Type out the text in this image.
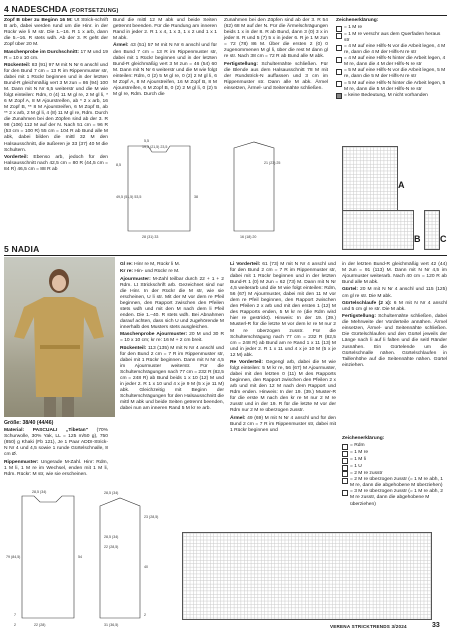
4 NADESCHDA (FORTSETZUNG)

Zopf B über zu Beginn 16 M: Ut Strick-schrift B arb, dabei werden rund um die Hinr. in der Rückr wie li M str. Die 1.–16. R 1 x arb, dann die 5.–16. R stets wdh. Ab der 3. R geht der Zopf über 20 M.

Maschenprobe im Durchschnitt: 17 M und 19 R = 10 x 10 cm.

Rückenteil: 83 (91) 97 M mit N Nr 6 anschl und für den Bund 7 cm = 13 R im Rippenmuster str, dabei mit 1 Rückr beginnen und in der letzten Bund-R gleichmäßig vert 3 M zun = 86 (94) 100 M. Dann mit N Nr 6,5 weiterstr und die M wie folgt einteilen: Rdm, 0 (4) 11 M gl re, 2 M gl li, * 6 M Zopf A, 8 M Ajourstreifen, ab * 2 x arb, 16 M Zopf B, ** 8 M Ajourstreifen, 6 M Zopf B, ab ** 2 x arb, 2 M gl li, 4 (8) 11 M gl re, Rdm. Durch die Zunahmen bei den Zöpfen sind ab der 3. R 98 (106) 112 M auf der N. Nach 51 cm = 96 R (53 cm = 100 R) 55 cm = 104 R ab Bund alle M abk, dabei bilden die mittl 32 M den Halsausschnitt, die äußeren je 33 (37) 40 M die Schultern.

Vorderteil: Ebenso arb, jedoch für den Halsausschnitt nach 42,5 cm = 80 R (44,5 cm = 84 R) 46,5 cm = 88 R ab

Bund die mittl 12 M abk und beide Seiten getrennt beenden. Für die Rundung am inneren Rand in jeder 2. R 1 x 4, 1 x 3, 1 x 2 und 1 x 1 M abk.

Ärmel: 43 (51) 57 M mit N Nr 6 anschl und für den Bund 7 cm = 13 R im Rippenmuster str, dabei mit 1 Rückr beginnen und in der letzten Bund-R gleichmäßig vert 3 M zun = 46 (54) 60 M. Dann mit N Nr 6 weiterstr und die M wie folgt einteilen: Rdm, 0 (2) 5 M gl re, 0 (2) 2 M gl li, 6 M Zopf A, 8 M Ajourstreifen, 16 M Zopf B, 8 M Ajourstreifen, 6 M Zopf B, 0 (2) 2 M gl li, 0 (2) 5 M gl re, Rdm. Durch die

5,5
19,5 (21,5) 23,5
8,5	21 (23) 25
49,5 (51,5) 53,5	38
28 (31) 33	16 (18) 20

Zunahmen bei den Zöpfen sind ab der 3. R 54 (62) 68 M auf der N. Für die Ärmelschrägungen beids 1 x in der 8. R ab Bund, dann 3 (0) 3 x in jeder 8. R und 5 (7) 5 x in jeder 6. R je 1 M zun = 72 (78) 86 M. Über die ersten 2 (0) 0 zugenommenen M gl li, über die rest M dann gl re str. Nach 38 cm = 72 R ab Bund alle M abk.

Fertigstellung: Schulternähte schließen. Für die Blende aus dem Halsausschnitt 78 M mit der Rundstrick-N auffassen und 3 cm im Rippenmuster str. Dann alle M abk. Ärmel einsetzen, Ärmel- und Seitennähte schließen.

Zeichenerklärung:

= 1 M re
= 1 M re verschr aus dem Querfaden heraus str
= 4 M auf eine Hilfs-N vor die Arbeit legen, 4 M re, dann die 4 M der Hilfs-N re str
= 4 M auf eine Hilfs-N hinter die Arbeit legen, 4 M re, dann die 4 M der Hilfs-N re str
= 5 M auf eine Hilfs-N vor die Arbeit legen, 5 M re, dann die 5 M der Hilfs-N re str
= 5 M auf eine Hilfs-N hinter die Arbeit legen, 5 M re, dann die 5 M der Hilfs-N re str
= keine Bedeutung, M nicht vorhanden
A
B C
5 NADIA
Größe: 38/40 (44/46)

Material: PASCUALI „Tibetan" (70% Schurwolle, 30% Yak, LL = 125 m/50 g), 750 (850) g Khaki (Fb 121), Je 1 Paar ADDI-Strick-N Nr 4 und 4,5 sowie 1 runde Gürtelschnalle, 8 cm Ø.

Rippenmuster: Ungerade M-Zahl. Hinr: Rdm, 1 M li, 1 M re im Wechsel, enden mit 1 M li, Rdm. Rückr: M str, wie sie erscheinen.

Gl re: Hinr re M, Rückr li M.

Kr re: Hin- und Rückr re M.

Ajourmuster: M-Zahl teilbar durch 22 + 1 + 2 Rdm. Lt Strickschrift arb. Gezeichnet sind nur die Hinr. In der Rückr die M str, wie sie erscheinen, U li str. Mit der M vor dem re Pfeil beginnen, den Rapport zwischen den Pfeilen stets wdh und mit den M nach dem li Pfeil enden. Die 1.–40. R stets wdh. Bei Abnahmen darauf achten, dass sich U und zugehörende M innerhalb des Musters stets ausgleichen.

Maschenprobe Ajourmuster: 20 M und 30 R = 10 x 10 cm; kr re: 16 M + 2 cm breit.

Rückenteil: 113 (135) M mit N Nr 4 anschl und für den Bund 2 cm = 7 R im Rippenmuster str, dabei mit 1 Rückr beginnen. Dann mit N Nr 4,5 im Ajourmuster weiterstr. Für die Schulterschrägungen nach 77 cm = 232 R (82,5 cm = 248 R) ab Bund beids 1 x 10 (12) M und in jeder 2. R 1 x 10 und 4 x je 9 M (5 x je 11 M) abk. Gleichzeitig mit Beginn der Schulterschrägungen für den Halsausschnitt die mittl M abk und beide Seiten getrennt beenden, dabei nun am inneren Rand 5 M kr re arb.

Li Vorderteil: 61 (73) M mit N Nr 4 anschl und für den Bund 2 cm = 7 R im Rippenmuster str, dabei mit 1 Rückr beginnen und in der letzten Bund-R 1 (0) M zun = 62 (73) M. Dann mit N Nr 4,5 weiterarb und die M wie folgt einteilen: Rdm, 56 (67) M Ajourmuster, dabei mit den 11 M vor dem re Pfeil beginnen, den Rapport zwischen den Pfeilen 2 x arb und mit den ersten 1 (12) M des Rapports enden, 5 M kr re (die Rdm wird hier re gestrickt). Hinweis: In der 19. (39.) Musterl-R für die letzte M vor dem kr re M nur 2 M re überzogen zusstr. Für die Schulterschrägung nach 77 cm = 232 R (82,5 cm = 248 R) ab Bund am re Rand 1 x 11 (13) M und in jeder 2. R 1 x 11 und 4 x je 10 M (5 x je 12 M) abk.

Re Vorderteil: Gegengl arb, dabei die M wie folgt einteilen: 5 M kr re, 56 (67) M Ajourmuster, dabei mit den letzten 0 (11) M des Rapports beginnen, den Rapport zwischen den Pfeilen 2 x arb und mit den 12 M nach dem Rapport und Rdm enden. Hinweis: In der 19. (39.) Muster-R für die erste M nach den kr re M nur 2 M re zusstr und in der 19. R für die letzte M vor der Rdm nur 2 M re überzogen zusstr.

Ärmel: 49 (69) M mit N Nr 4 anschl und für den Bund 2 cm = 7 R im Rippenmuster str, dabei mit 1 Rückr beginnen und

in der letzten Bund-R gleichmäßig vert 42 (44) M zun = 91 (113) M. Dann mit N Nr 4,5 im Ajourmuster weiterarb. Nach 40 cm = 120 R ab Bund alle M abk.

Gürtel: 20 M mit N Nr 4 anschl und 115 (125) cm gl re str. Die M abk.

Gürtelschlaufe (2 x): 6 M mit N Nr 4 anschl und 5 cm gl re str. Die M abk.

Fertigstellung: Schulternähte schließen, dabei die Mehrweite der Vorderteile annähen. Ärmel einsetzen, Ärmel- und Seitennähte schließen. Die Gürtelschlaufen und den Gürtel jeweils der Länge nach li auf li falten und die seitl Ränder zusnähen. Ein Gürtelende um die Gürtelschnalle nähen. Gürtelschlaufen in Taillenhöhe auf die Seitennähte nähen. Gürtel einziehen.

Zeichenerklärung:

= Rdm
= 1 M re
= 1 M li
= 1 U
= 2 M re zusstr
= 2 M re überzogen zusstr (= 1 M re abh, 1 M re, dann die abgehobene M überziehen)
= 3 M re überzogen zusstr (= 1 M re abh, 2 M re zusstr, dann die abgehobene M überziehen)
28,5 (34)	28,5 (34)
23 (28,5)
79 (84,5)	54
7
2	22 (28)	31 (36,5)
28,5 (34)
22 (28,5)
40
2
VERENA STRICKTRENDS 3/2024	33
